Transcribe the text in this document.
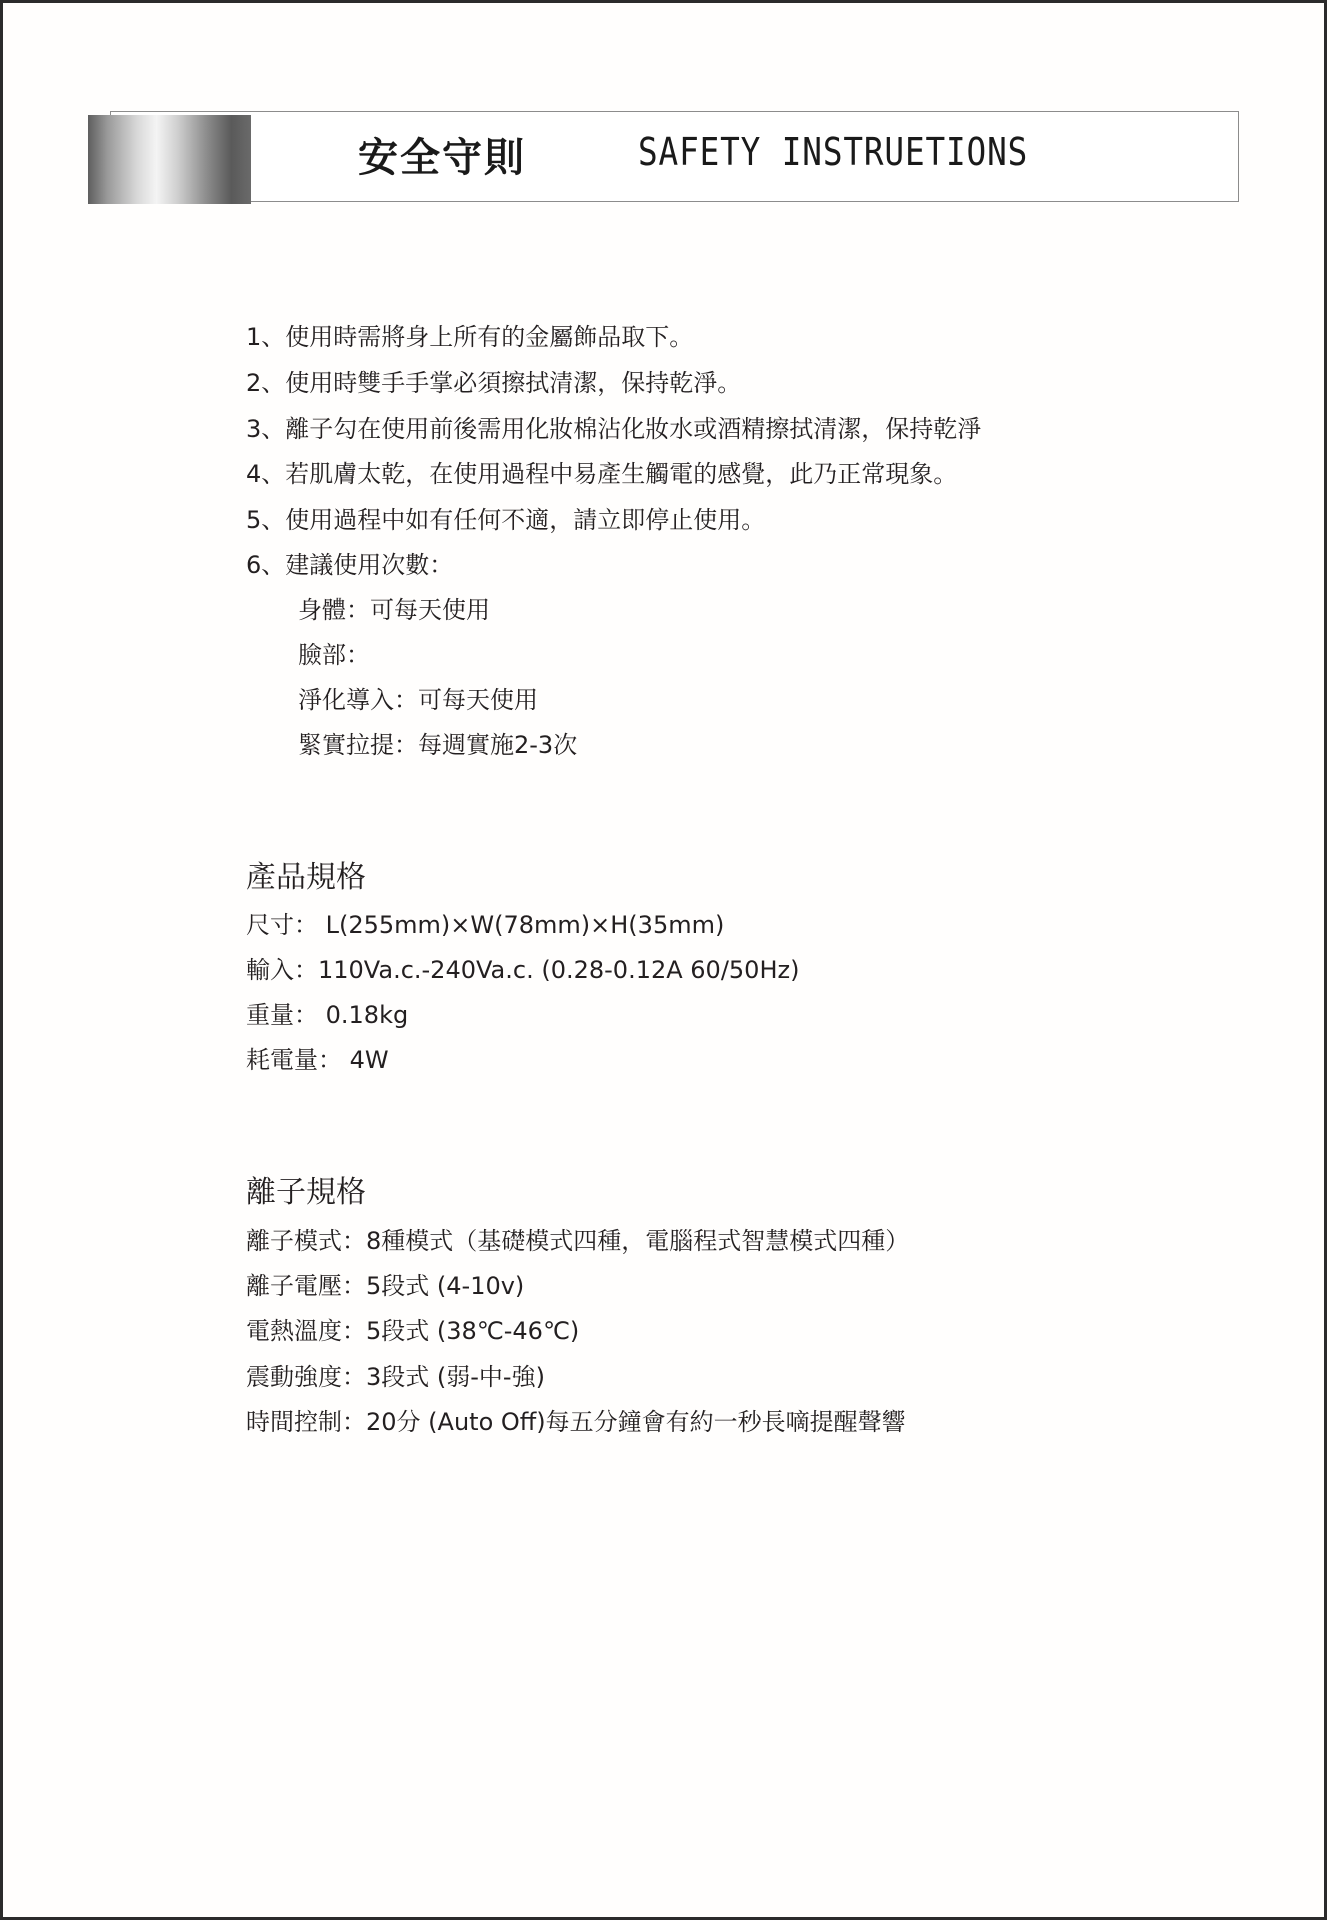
安全守則	SAFETY INSTRUETIONS
1、使用時需將身上所有的金屬飾品取下。
2、使用時雙手手掌必須擦拭清潔，保持乾淨。
3、離子勾在使用前後需用化妝棉沾化妝水或酒精擦拭清潔，保持乾淨
4、若肌膚太乾，在使用過程中易產生觸電的感覺，此乃正常現象。
5、使用過程中如有任何不適，請立即停止使用。
6、建議使用次數：
身體：可每天使用
臉部：
淨化導入：可每天使用
緊實拉提：每週實施2-3次
產品規格
尺寸： L(255mm)×W(78mm)×H(35mm)
輸入：110Va.c.-240Va.c. (0.28-0.12A 60/50Hz)
重量： 0.18kg
耗電量： 4W
離子規格
離子模式：8種模式（基礎模式四種，電腦程式智慧模式四種）
離子電壓：5段式 (4-10v)
電熱溫度：5段式 (38℃-46℃)
震動強度：3段式 (弱-中-強)
時間控制：20分 (Auto Off)每五分鐘會有約一秒長嘀提醒聲響
